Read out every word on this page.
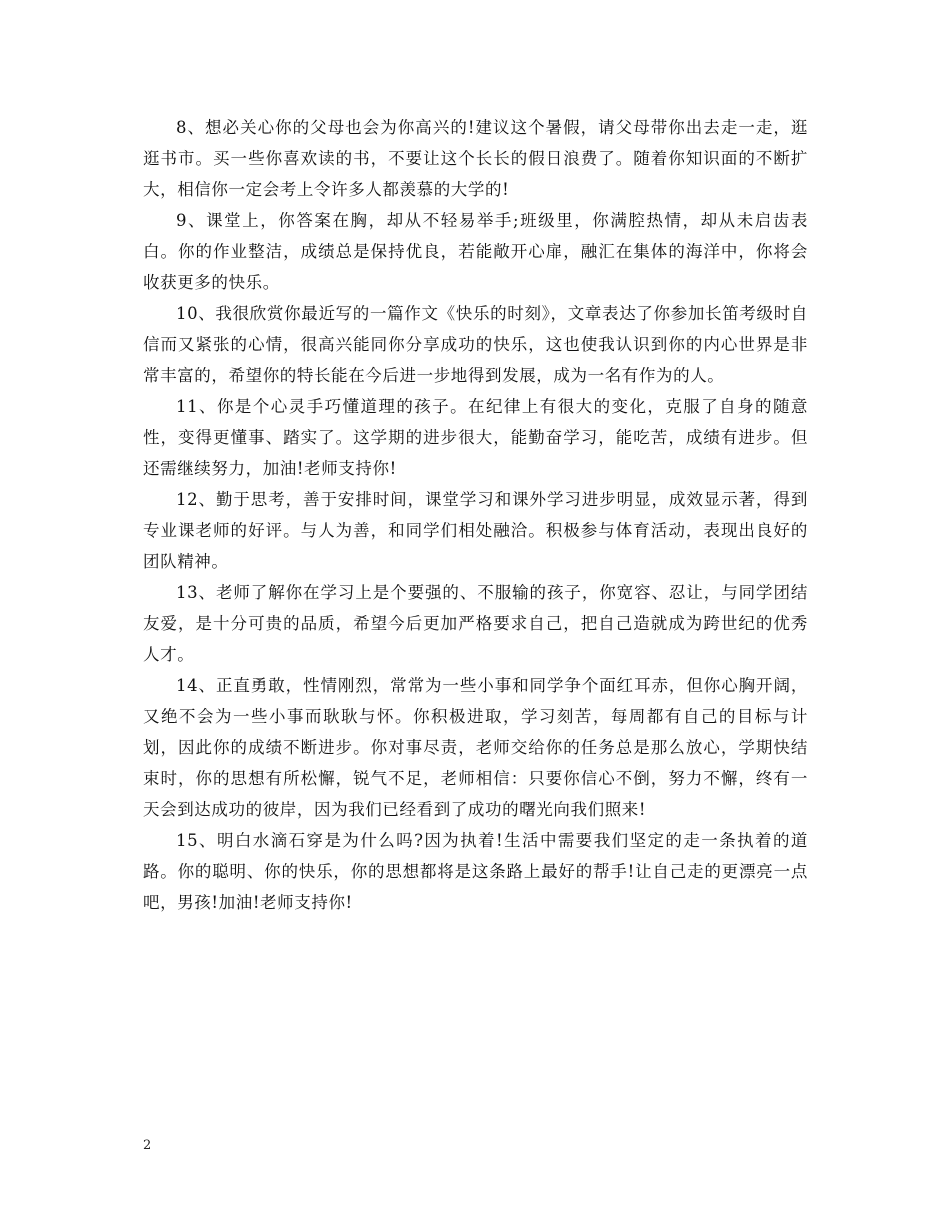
8、想必关心你的父母也会为你高兴的!建议这个暑假，请父母带你出去走一走，逛逛书市。买一些你喜欢读的书，不要让这个长长的假日浪费了。随着你知识面的不断扩大，相信你一定会考上令许多人都羡慕的大学的!

9、课堂上，你答案在胸，却从不轻易举手;班级里，你满腔热情，却从未启齿表白。你的作业整洁，成绩总是保持优良，若能敞开心扉，融汇在集体的海洋中，你将会收获更多的快乐。

10、我很欣赏你最近写的一篇作文《快乐的时刻》，文章表达了你参加长笛考级时自信而又紧张的心情，很高兴能同你分享成功的快乐，这也使我认识到你的内心世界是非常丰富的，希望你的特长能在今后进一步地得到发展，成为一名有作为的人。

11、你是个心灵手巧懂道理的孩子。在纪律上有很大的变化，克服了自身的随意性，变得更懂事、踏实了。这学期的进步很大，能勤奋学习，能吃苦，成绩有进步。但还需继续努力，加油!老师支持你!

12、勤于思考，善于安排时间，课堂学习和课外学习进步明显，成效显示著，得到专业课老师的好评。与人为善，和同学们相处融洽。积极参与体育活动，表现出良好的团队精神。

13、老师了解你在学习上是个要强的、不服输的孩子，你宽容、忍让，与同学团结友爱，是十分可贵的品质，希望今后更加严格要求自己，把自己造就成为跨世纪的优秀人才。

14、正直勇敢，性情刚烈，常常为一些小事和同学争个面红耳赤，但你心胸开阔，又绝不会为一些小事而耿耿与怀。你积极进取，学习刻苦，每周都有自己的目标与计划，因此你的成绩不断进步。你对事尽责，老师交给你的任务总是那么放心，学期快结束时，你的思想有所松懈，锐气不足，老师相信：只要你信心不倒，努力不懈，终有一天会到达成功的彼岸，因为我们已经看到了成功的曙光向我们照来!

15、明白水滴石穿是为什么吗?因为执着!生活中需要我们坚定的走一条执着的道路。你的聪明、你的快乐，你的思想都将是这条路上最好的帮手!让自己走的更漂亮一点吧，男孩!加油!老师支持你!

2
